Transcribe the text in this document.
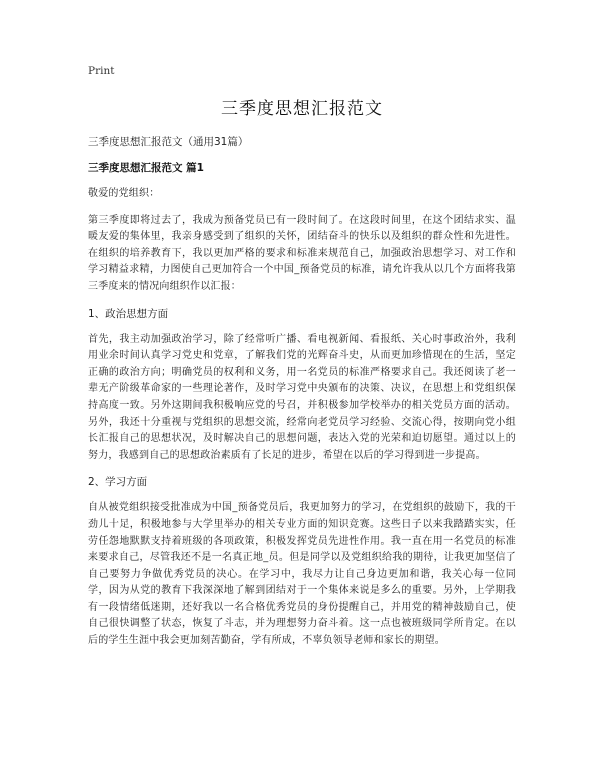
Print
三季度思想汇报范文

三季度思想汇报范文（通用31篇）

三季度思想汇报范文 篇1

敬爱的党组织：

第三季度即将过去了，我成为预备党员已有一段时间了。在这段时间里，在这个团结求实、温暖友爱的集体里，我亲身感受到了组织的关怀，团结奋斗的快乐以及组织的群众性和先进性。在组织的培养教育下，我以更加严格的要求和标准来规范自己，加强政治思想学习、对工作和学习精益求精，力图使自己更加符合一个中国_预备党员的标准，请允许我从以几个方面将我第三季度来的情况向组织作以汇报：

1、政治思想方面

首先，我主动加强政治学习，除了经常听广播、看电视新闻、看报纸、关心时事政治外，我利用业余时间认真学习党史和党章，了解我们党的光辉奋斗史，从而更加珍惜现在的生活，坚定正确的政治方向；明确党员的权利和义务，用一名党员的标准严格要求自己。我还阅读了老一辈无产阶级革命家的一些理论著作，及时学习党中央颁布的决策、决议，在思想上和党组织保持高度一致。另外这期间我积极响应党的号召，并积极参加学校举办的相关党员方面的活动。另外，我还十分重视与党组织的思想交流，经常向老党员学习经验、交流心得，按期向党小组长汇报自己的思想状况，及时解决自己的思想问题，表达入党的光荣和迫切愿望。通过以上的努力，我感到自己的思想政治素质有了长足的进步，希望在以后的学习得到进一步提高。

2、学习方面

自从被党组织接受批准成为中国_预备党员后，我更加努力的学习，在党组织的鼓励下，我的干劲儿十足，积极地参与大学里举办的相关专业方面的知识竞赛。这些日子以来我踏踏实实，任劳任怨地默默支持着班级的各项政策，积极发挥党员先进性作用。我一直在用一名党员的标准来要求自己，尽管我还不是一名真正地_员。但是同学以及党组织给我的期待，让我更加坚信了自己要努力争做优秀党员的决心。在学习中，我尽力让自己身边更加和谐，我关心每一位同学，因为从党的教育下我深深地了解到团结对于一个集体来说是多么的重要。另外，上学期我有一段情绪低迷期，还好我以一名合格优秀党员的身份提醒自己，并用党的精神鼓励自己，使自己很快调整了状态，恢复了斗志，并为理想努力奋斗着。这一点也被班级同学所肯定。在以后的学生生涯中我会更加刻苦勤奋，学有所成，不辜负领导老师和家长的期望。
